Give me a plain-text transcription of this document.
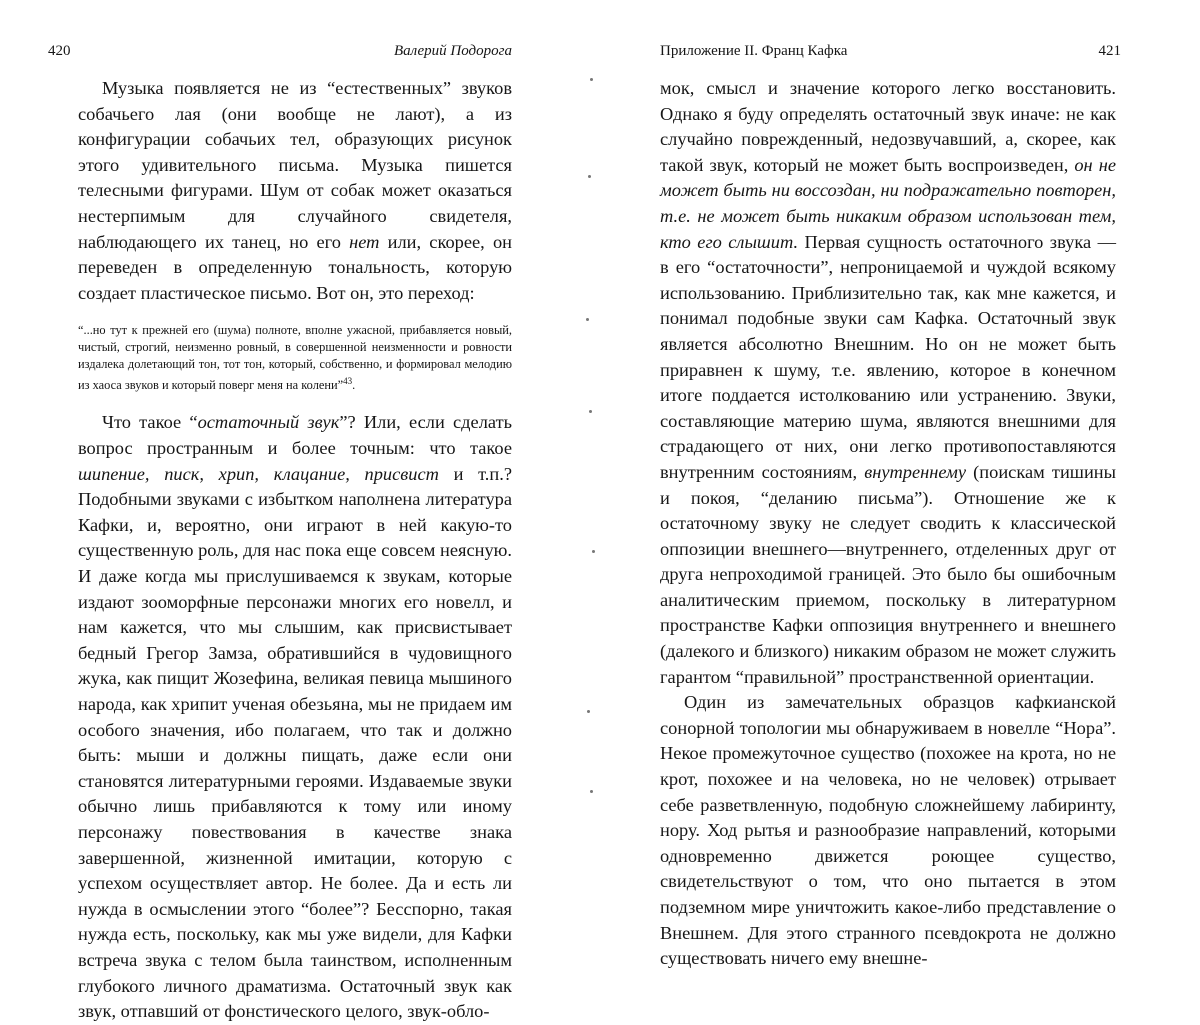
420	Валерий Подорога

Музыка появляется не из “естественных” звуков собачьего лая (они вообще не лают), а из конфигурации собачьих тел, образующих рисунок этого удивительного письма. Музыка пишется телесными фигурами. Шум от собак может оказаться нестерпимым для случайного свидетеля, наблюдающего их танец, но его нет или, скорее, он переведен в определенную тональность, которую создает пластическое письмо. Вот он, это переход:

“...но тут к прежней его (шума) полноте, вполне ужасной, прибавляется новый, чистый, строгий, неизменно ровный, в совершенной неизменности и ровности издалека долетающий тон, тот тон, который, собственно, и формировал мелодию из хаоса звуков и который поверг меня на колени”$^{43}$.

Что такое “остаточный звук”? Или, если сделать вопрос пространным и более точным: что такое шипение, писк, хрип, клацание, присвист и т.п.? Подобными звуками с избытком наполнена литература Кафки, и, вероятно, они играют в ней какую-то существенную роль, для нас пока еще совсем неясную. И даже когда мы прислушиваемся к звукам, которые издают зооморфные персонажи многих его новелл, и нам кажется, что мы слышим, как присвистывает бедный Грегор Замза, обратившийся в чудовищного жука, как пищит Жозефина, великая певица мышиного народа, как хрипит ученая обезьяна, мы не придаем им особого значения, ибо полагаем, что так и должно быть: мыши и должны пищать, даже если они становятся литературными героями. Издаваемые звуки обычно лишь прибавляются к тому или иному персонажу повествования в качестве знака завершенной, жизненной имитации, которую с успехом осуществляет автор. Не более. Да и есть ли нужда в осмыслении этого “более”? Бесспорно, такая нужда есть, поскольку, как мы уже видели, для Кафки встреча звука с телом была таинством, исполненным глубокого личного драматизма. Остаточный звук как звук, отпавший от фонстического целого, звук-обло-

Приложение II. Франц Кафка	421

мок, смысл и значение которого легко восстановить. Однако я буду определять остаточный звук иначе: не как случайно поврежденный, недозвучавший, а, скорее, как такой звук, который не может быть воспроизведен, он не может быть ни воссоздан, ни подражательно повторен, т.е. не может быть никаким образом использован тем, кто его слышит. Первая сущность остаточного звука — в его “остаточности”, непроницаемой и чуждой всякому использованию. Приблизительно так, как мне кажется, и понимал подобные звуки сам Кафка. Остаточный звук является абсолютно Внешним. Но он не может быть приравнен к шуму, т.е. явлению, которое в конечном итоге поддается истолкованию или устранению. Звуки, составляющие материю шума, являются внешними для страдающего от них, они легко противопоставляются внутренним состояниям, внутреннему (поискам тишины и покоя, “деланию письма”). Отношение же к остаточному звуку не следует сводить к классической оппозиции внешнего—внутреннего, отделенных друг от друга непроходимой границей. Это было бы ошибочным аналитическим приемом, поскольку в литературном пространстве Кафки оппозиция внутреннего и внешнего (далекого и близкого) никаким образом не может служить гарантом “правильной” пространственной ориентации.

Один из замечательных образцов кафкианской сонорной топологии мы обнаруживаем в новелле “Нора”. Некое промежуточное существо (похожее на крота, но не крот, похожее и на человека, но не человек) отрывает себе разветвленную, подобную сложнейшему лабиринту, нору. Ход рытья и разнообразие направлений, которыми одновременно движется роющее существо, свидетельствуют о том, что оно пытается в этом подземном мире уничтожить какое-либо представление о Внешнем. Для этого странного псевдокрота не должно существовать ничего ему внешне-
